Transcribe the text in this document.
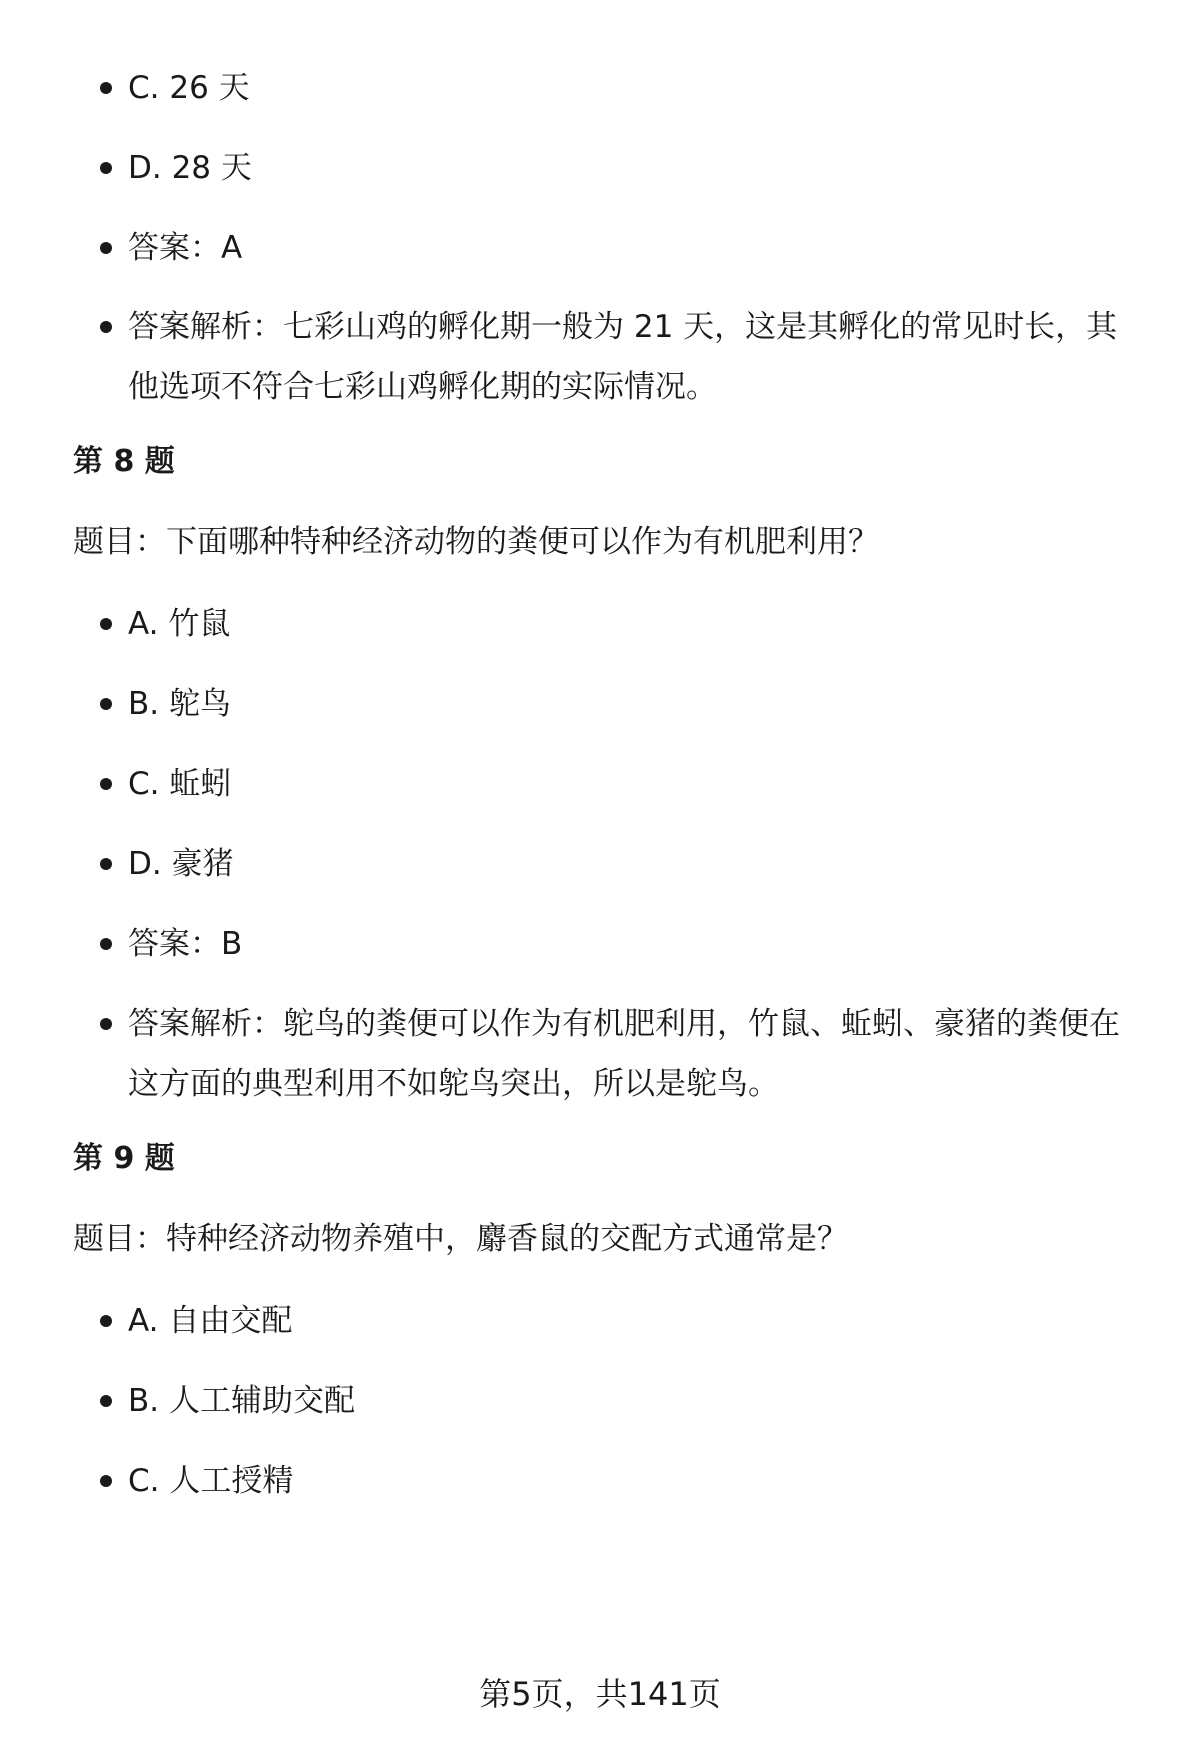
C. 26 天
D. 28 天
答案：A
答案解析：七彩山鸡的孵化期一般为 21 天，这是其孵化的常见时长，其他选项不符合七彩山鸡孵化期的实际情况。
第 8 题

题目：下面哪种特种经济动物的粪便可以作为有机肥利用？

A. 竹鼠
B. 鸵鸟
C. 蚯蚓
D. 豪猪
答案：B
答案解析：鸵鸟的粪便可以作为有机肥利用，竹鼠、蚯蚓、豪猪的粪便在这方面的典型利用不如鸵鸟突出，所以是鸵鸟。
第 9 题

题目：特种经济动物养殖中，麝香鼠的交配方式通常是？

A. 自由交配
B. 人工辅助交配
C. 人工授精
第5页，共141页
